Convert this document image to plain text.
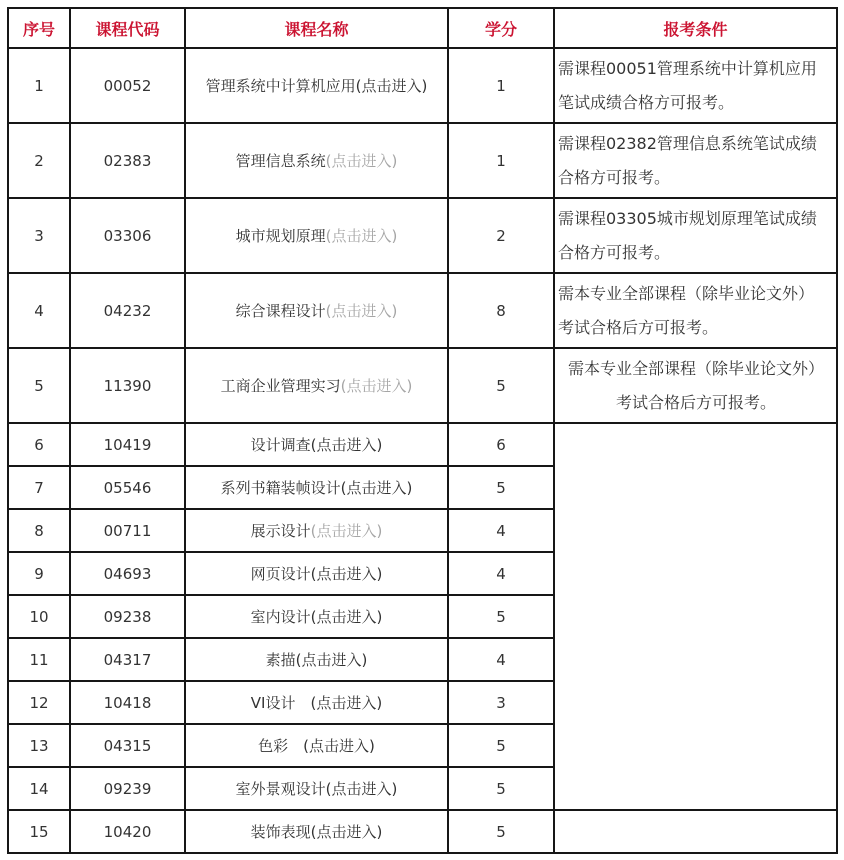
序号	课程代码	课程名称	学分	报考条件
1	00052	管理系统中计算机应用(点击进入)	1	需课程00051管理系统中计算机应用
笔试成绩合格方可报考。

2	02383	管理信息系统(点击进入)	1	需课程02382管理信息系统笔试成绩
合格方可报考。

3	03306	城市规划原理(点击进入)	2	需课程03305城市规划原理笔试成绩
合格方可报考。

4	04232	综合课程设计(点击进入)	8	需本专业全部课程（除毕业论文外）
考试合格后方可报考。

5	11390	工商企业管理实习(点击进入)	5	需本专业全部课程（除毕业论文外）
考试合格后方可报考。

6	10419	设计调查(点击进入)	6	
7	05546	系列书籍装帧设计(点击进入)	5	
8	00711	展示设计(点击进入)	4	
9	04693	网页设计(点击进入)	4	
10	09238	室内设计(点击进入)	5	
11	04317	素描(点击进入)	4	
12	10418	VI设计　(点击进入)	3	
13	04315	色彩　(点击进入)	5	
14	09239	室外景观设计(点击进入)	5	
15	10420	装饰表现(点击进入)	5	
